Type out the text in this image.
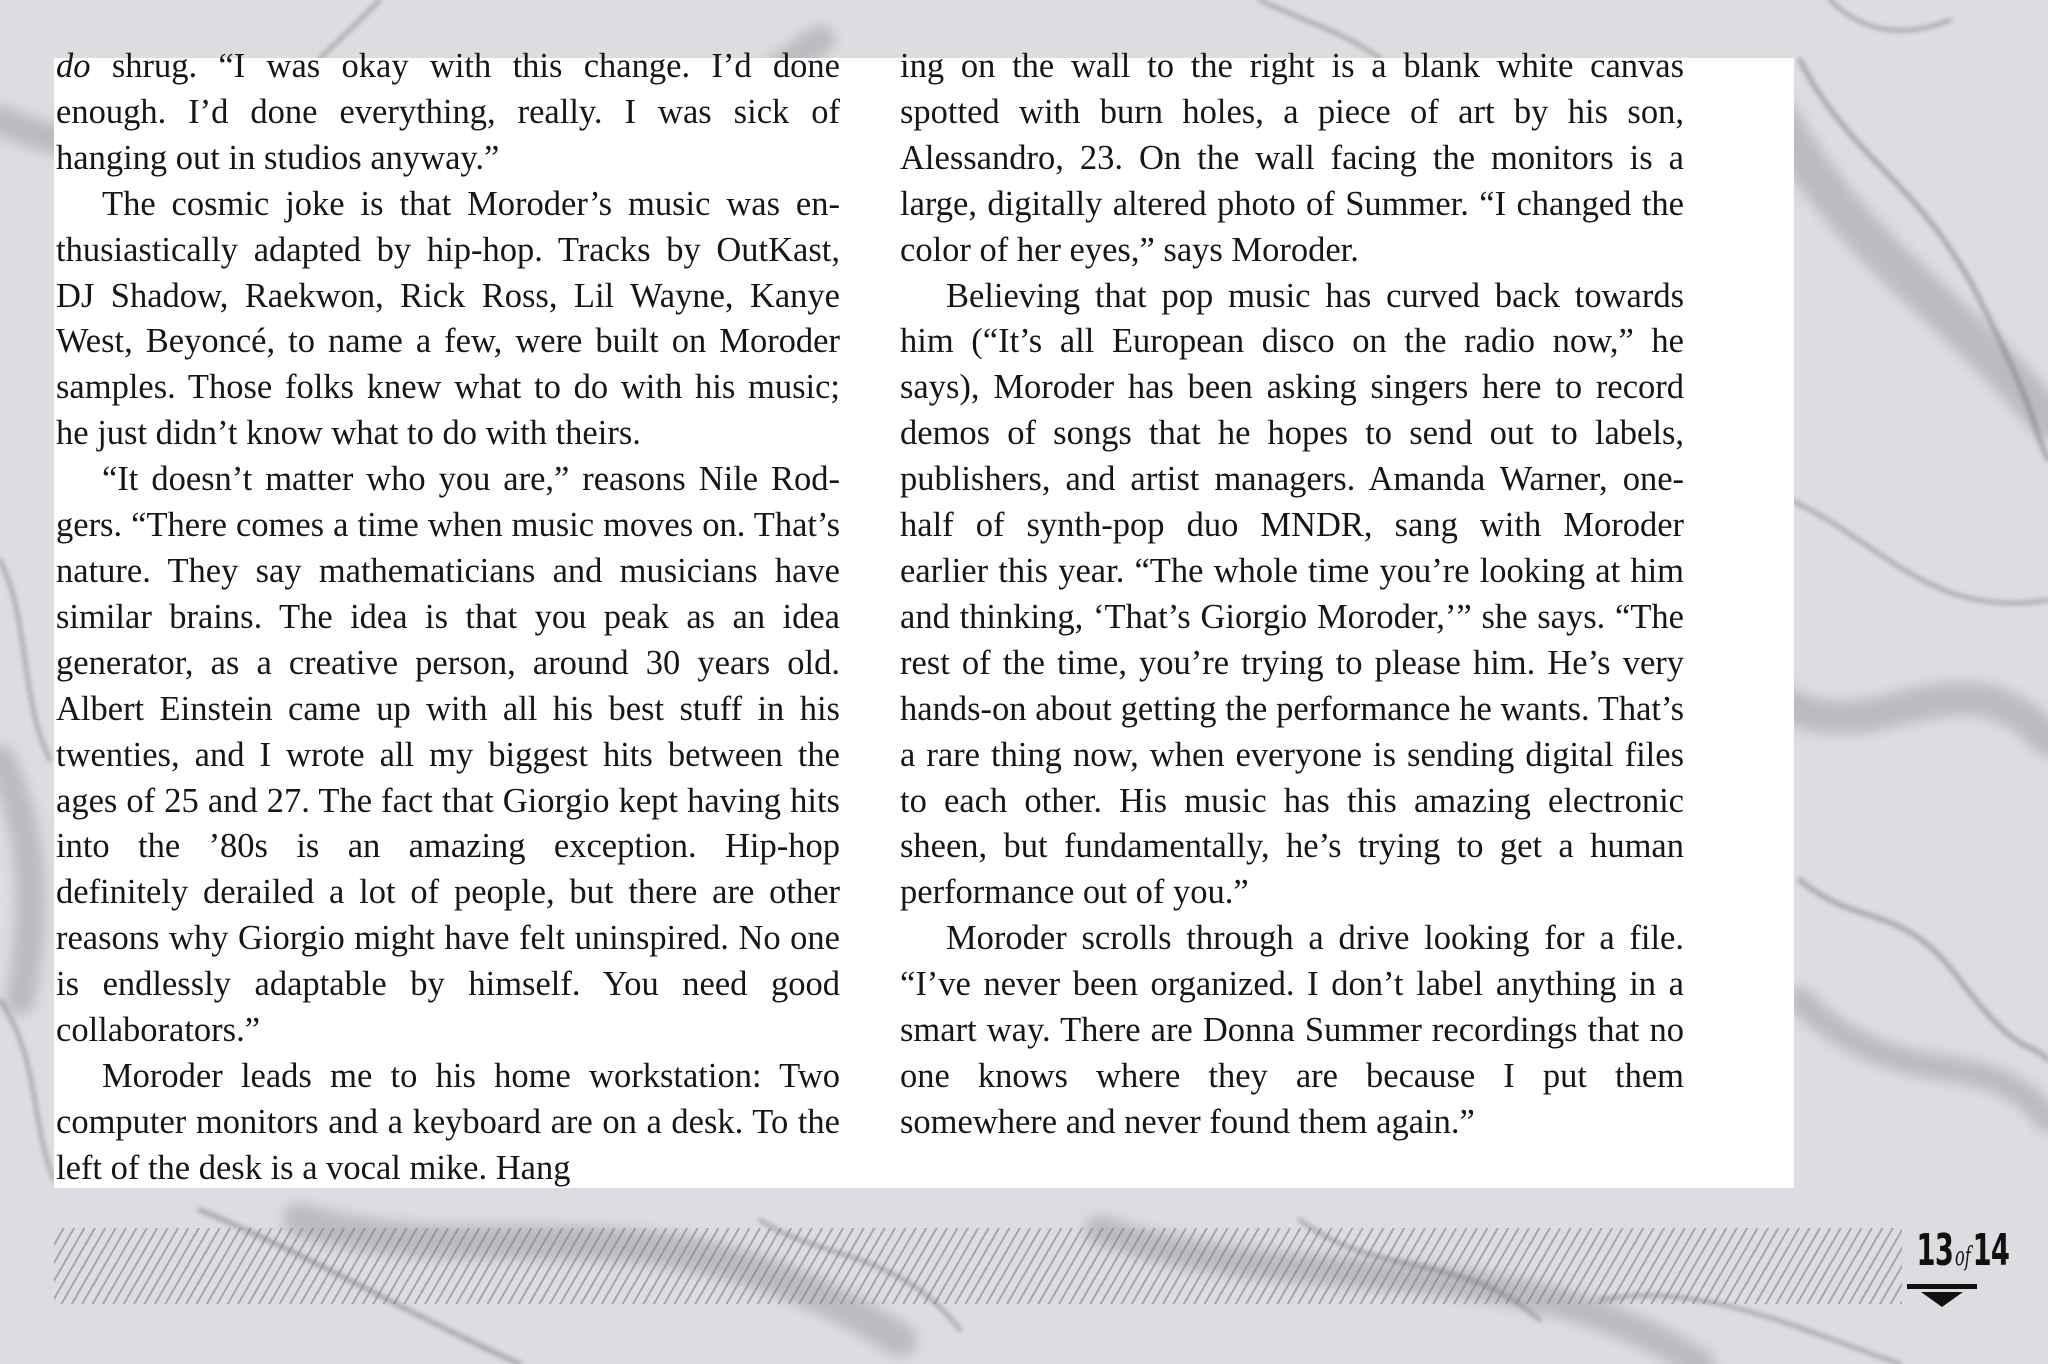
do shrug. “I was okay with this change. I’d done enough. I’d done everything, really. I was sick of hanging out in studios anyway.”

The cosmic joke is that Moroder’s music was enthusiastically adapted by hip-hop. Tracks by OutKast, DJ Shadow, Raekwon, Rick Ross, Lil Wayne, Kanye West, Beyoncé, to name a few, were built on Moroder samples. Those folks knew what to do with his music; he just didn’t know what to do with theirs.

“It doesn’t matter who you are,” reasons Nile Rodgers. “There comes a time when music moves on. That’s nature. They say mathematicians and musicians have similar brains. The idea is that you peak as an idea generator, as a creative person, around 30 years old. Albert Einstein came up with all his best stuff in his twenties, and I wrote all my biggest hits between the ages of 25 and 27. The fact that Giorgio kept having hits into the ’80s is an amazing exception. Hip-hop definitely derailed a lot of people, but there are other reasons why Giorgio might have felt uninspired. No one is endlessly adaptable by himself. You need good collaborators.”

Moroder leads me to his home workstation: Two computer monitors and a keyboard are on a desk. To the left of the desk is a vocal mike. Hang

ing on the wall to the right is a blank white canvas spotted with burn holes, a piece of art by his son, Alessandro, 23. On the wall facing the monitors is a large, digitally altered photo of Summer. “I changed the color of her eyes,” says Moroder.

Believing that pop music has curved back towards him (“It’s all European disco on the radio now,” he says), Moroder has been asking singers here to record demos of songs that he hopes to send out to labels, publishers, and artist managers. Amanda Warner, one-half of synth-pop duo MNDR, sang with Moroder earlier this year. “The whole time you’re looking at him and thinking, ‘That’s Giorgio Moroder,’” she says. “The rest of the time, you’re trying to please him. He’s very hands-on about getting the performance he wants. That’s a rare thing now, when everyone is sending digital files to each other. His music has this amazing electronic sheen, but fundamentally, he’s trying to get a human performance out of you.”

Moroder scrolls through a drive looking for a file. “I’ve never been organized. I don’t label anything in a smart way. There are Donna Summer recordings that no one knows where they are because I put them somewhere and never found them again.”

13of14
